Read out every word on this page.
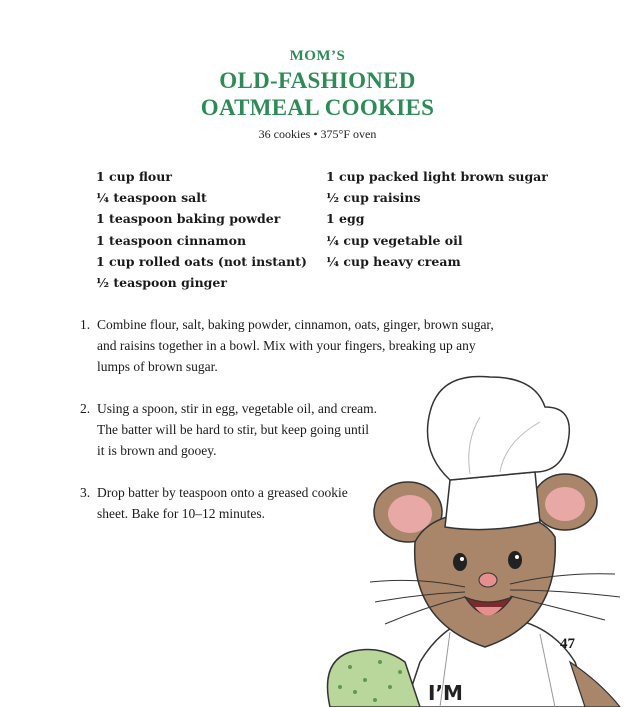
MOM’S
OLD-FASHIONED
OATMEAL COOKIES
36 cookies • 375°F oven
1 cup flour
¼ teaspoon salt
1 teaspoon baking powder
1 teaspoon cinnamon
1 cup rolled oats (not instant)
½ teaspoon ginger
1 cup packed light brown sugar
½ cup raisins
1 egg
¼ cup vegetable oil
¼ cup heavy cream
1. Combine flour, salt, baking powder, cinnamon, oats, ginger, brown sugar,
and raisins together in a bowl. Mix with your fingers, breaking up any
lumps of brown sugar.
2. Using a spoon, stir in egg, vegetable oil, and cream.
The batter will be hard to stir, but keep going until
it is brown and gooey.
3. Drop batter by teaspoon onto a greased cookie
sheet. Bake for 10–12 minutes.
I’M
47
